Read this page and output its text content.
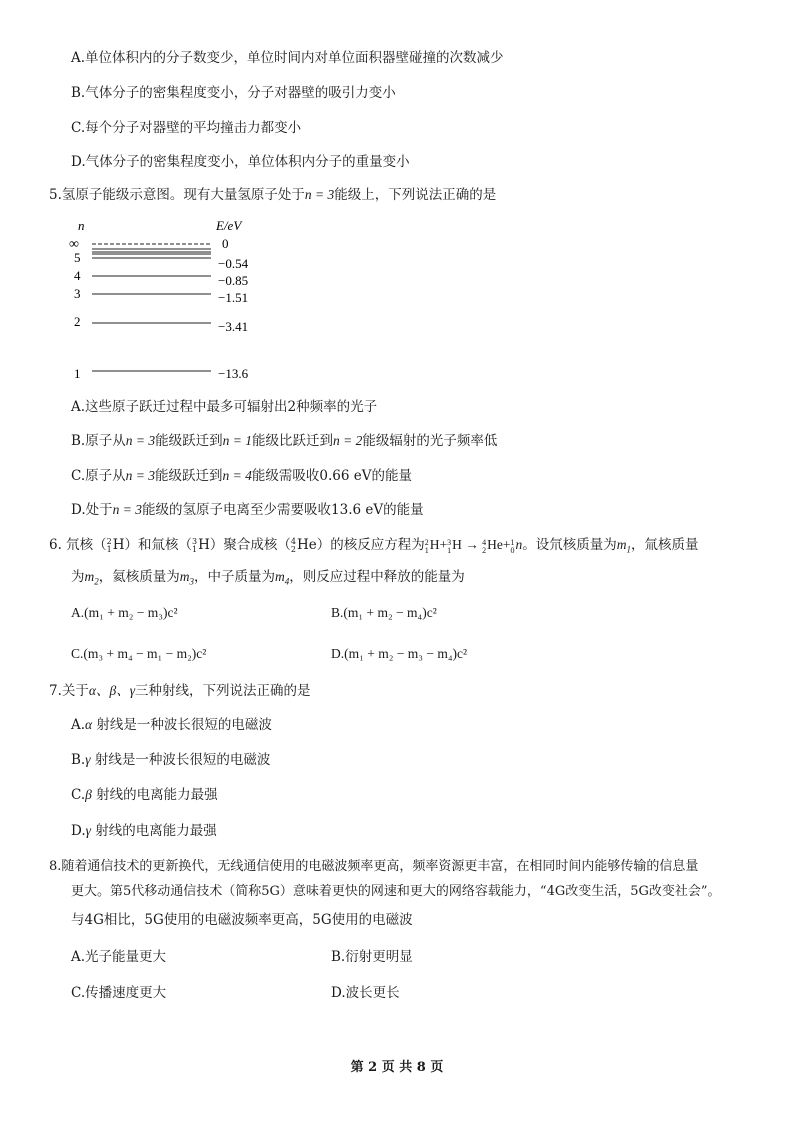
A.单位体积内的分子数变少，单位时间内对单位面积器壁碰撞的次数减少
B.气体分子的密集程度变小，分子对器壁的吸引力变小
C.每个分子对器壁的平均撞击力都变小
D.气体分子的密集程度变小，单位体积内分子的重量变小
5.氢原子能级示意图。现有大量氢原子处于n = 3能级上，下列说法正确的是
n	E/eV
∞	0
5	−0.54
4	−0.85
3	−1.51
2	−3.41
1	−13.6
A.这些原子跃迁过程中最多可辐射出2种频率的光子
B.原子从n = 3能级跃迁到n = 1能级比跃迁到n = 2能级辐射的光子频率低
C.原子从n = 3能级跃迁到n = 4能级需吸收0.66 eV的能量
D.处于n = 3能级的氢原子电离至少需要吸收13.6 eV的能量
6. 氘核（ 2
1 H）和氚核（ 3
1 H）聚合成核（ 4
2 He）的核反应方程为 2
1 H+ 3
1 H → 4
2 He+ 1
0 n。设氘核质量为$m_1$，氚核质量
为$m_2$，氦核质量为$m_3$，中子质量为$m_4$，则反应过程中释放的能量为
A.(m₁ + m₂ − m₃)c²	B.(m₁ + m₂ − m₄)c²
C.(m₃ + m₄ − m₁ − m₂)c²	D.(m₁ + m₂ − m₃ − m₄)c²
7.关于α、β、γ三种射线，下列说法正确的是
A.α 射线是一种波长很短的电磁波
B.γ 射线是一种波长很短的电磁波
C.β 射线的电离能力最强
D.γ 射线的电离能力最强
8.随着通信技术的更新换代，无线通信使用的电磁波频率更高，频率资源更丰富，在相同时间内能够传输的信息量
更大。第5代移动通信技术（简称5G）意味着更快的网速和更大的网络容载能力，“4G改变生活，5G改变社会”。
与4G相比，5G使用的电磁波频率更高，5G使用的电磁波
A.光子能量更大	B.衍射更明显
C.传播速度更大	D.波长更长
第 2 页 共 8 页
